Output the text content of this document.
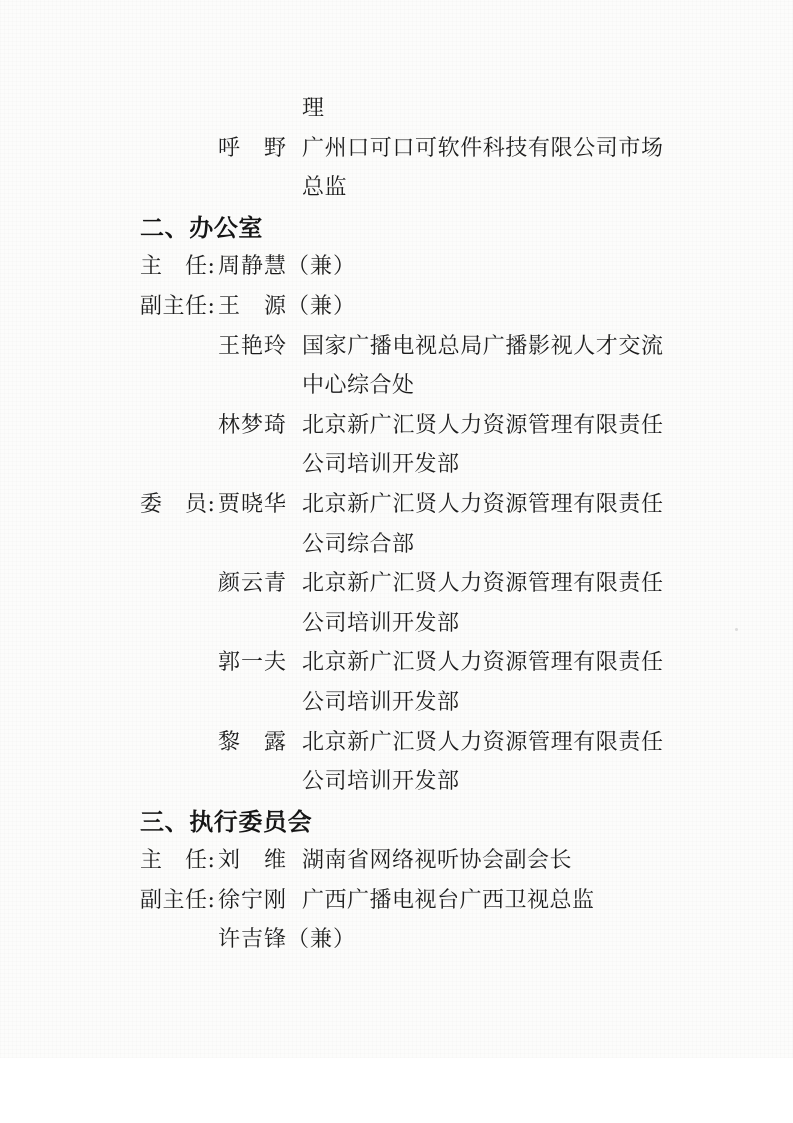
理
呼　野 广州口可口可软件科技有限公司市场
总监
二、办公室
主　任: 周静慧（兼）
副主任: 王　源（兼）
王艳玲 国家广播电视总局广播影视人才交流
中心综合处
林梦琦 北京新广汇贤人力资源管理有限责任
公司培训开发部
委　员: 贾晓华 北京新广汇贤人力资源管理有限责任
公司综合部
颜云青 北京新广汇贤人力资源管理有限责任
公司培训开发部
郭一夫 北京新广汇贤人力资源管理有限责任
公司培训开发部
黎　露 北京新广汇贤人力资源管理有限责任
公司培训开发部
三、执行委员会
主　任: 刘　维 湖南省网络视听协会副会长
副主任: 徐宁刚 广西广播电视台广西卫视总监
许吉锋（兼）
